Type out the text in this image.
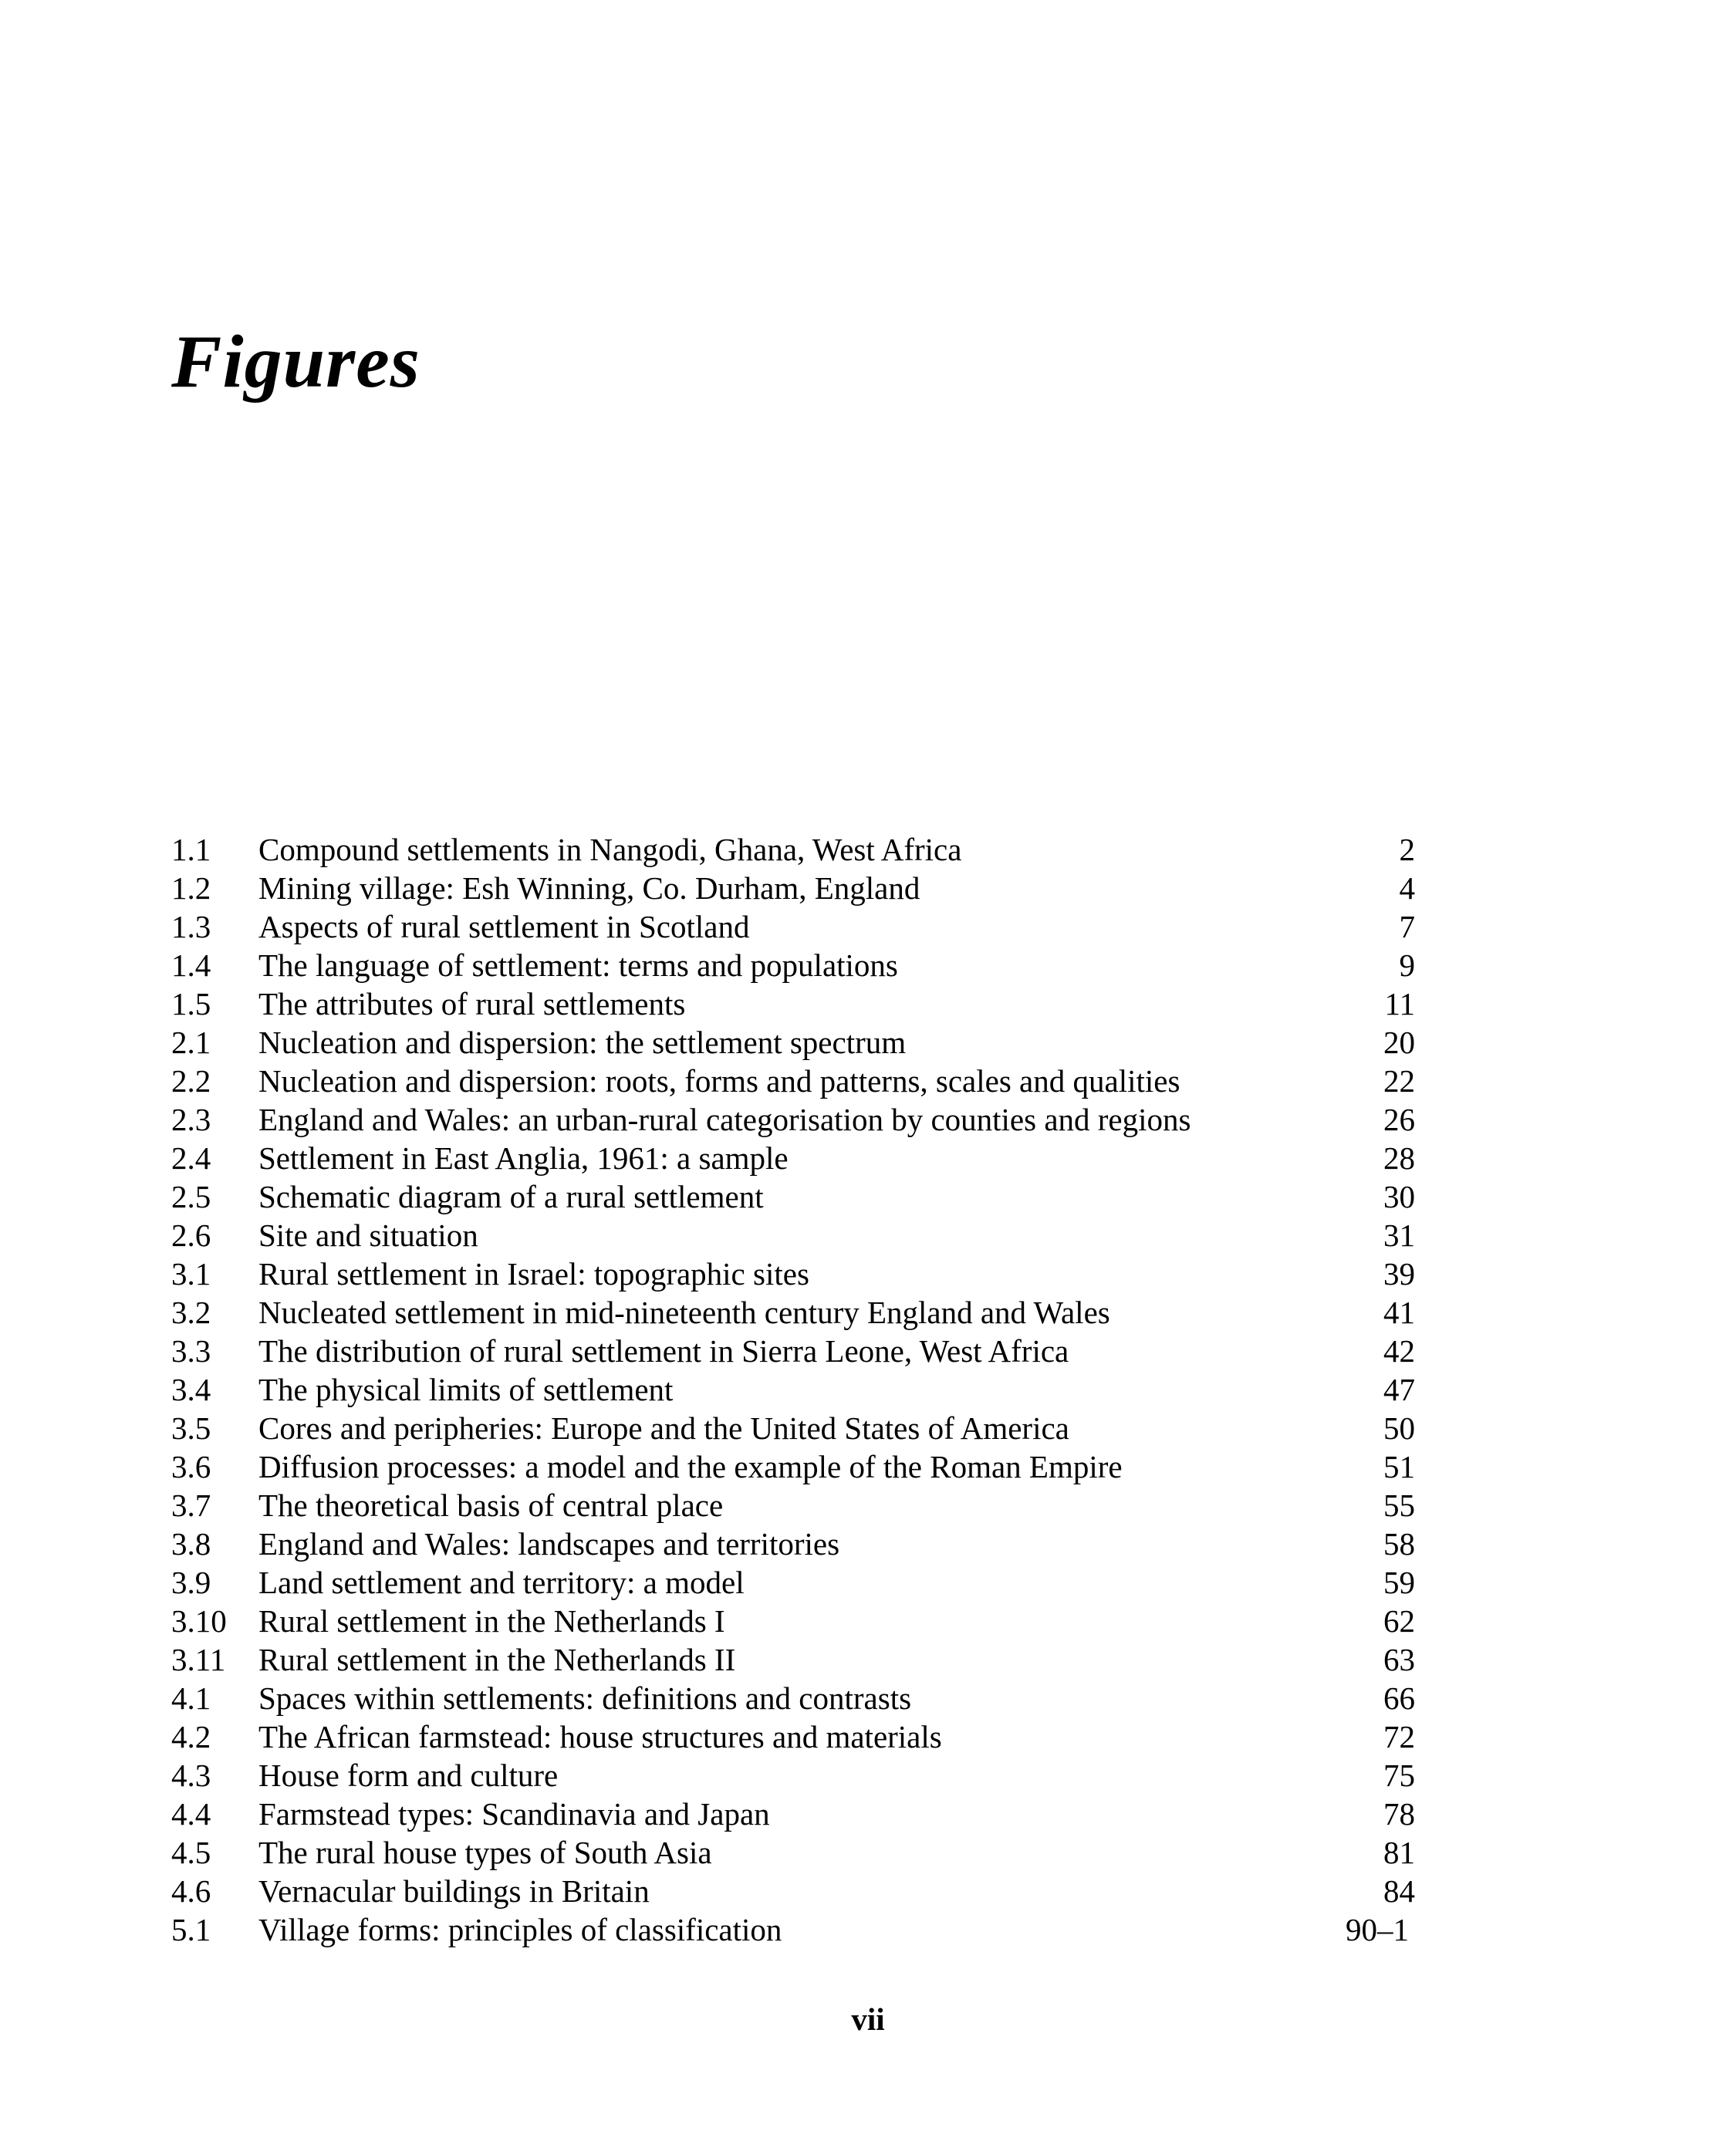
Figures
1.1 Compound settlements in Nangodi, Ghana, West Africa	2
1.2 Mining village: Esh Winning, Co. Durham, England	4
1.3 Aspects of rural settlement in Scotland	7
1.4 The language of settlement: terms and populations	9
1.5 The attributes of rural settlements	11
2.1 Nucleation and dispersion: the settlement spectrum	20
2.2 Nucleation and dispersion: roots, forms and patterns, scales and qualities	22
2.3 England and Wales: an urban-rural categorisation by counties and regions	26
2.4 Settlement in East Anglia, 1961: a sample	28
2.5 Schematic diagram of a rural settlement	30
2.6 Site and situation	31
3.1 Rural settlement in Israel: topographic sites	39
3.2 Nucleated settlement in mid-nineteenth century England and Wales	41
3.3 The distribution of rural settlement in Sierra Leone, West Africa	42
3.4 The physical limits of settlement	47
3.5 Cores and peripheries: Europe and the United States of America	50
3.6 Diffusion processes: a model and the example of the Roman Empire	51
3.7 The theoretical basis of central place	55
3.8 England and Wales: landscapes and territories	58
3.9 Land settlement and territory: a model	59
3.10 Rural settlement in the Netherlands I	62
3.11 Rural settlement in the Netherlands II	63
4.1 Spaces within settlements: definitions and contrasts	66
4.2 The African farmstead: house structures and materials	72
4.3 House form and culture	75
4.4 Farmstead types: Scandinavia and Japan	78
4.5 The rural house types of South Asia	81
4.6 Vernacular buildings in Britain	84
5.1 Village forms: principles of classification	90–1
vii
